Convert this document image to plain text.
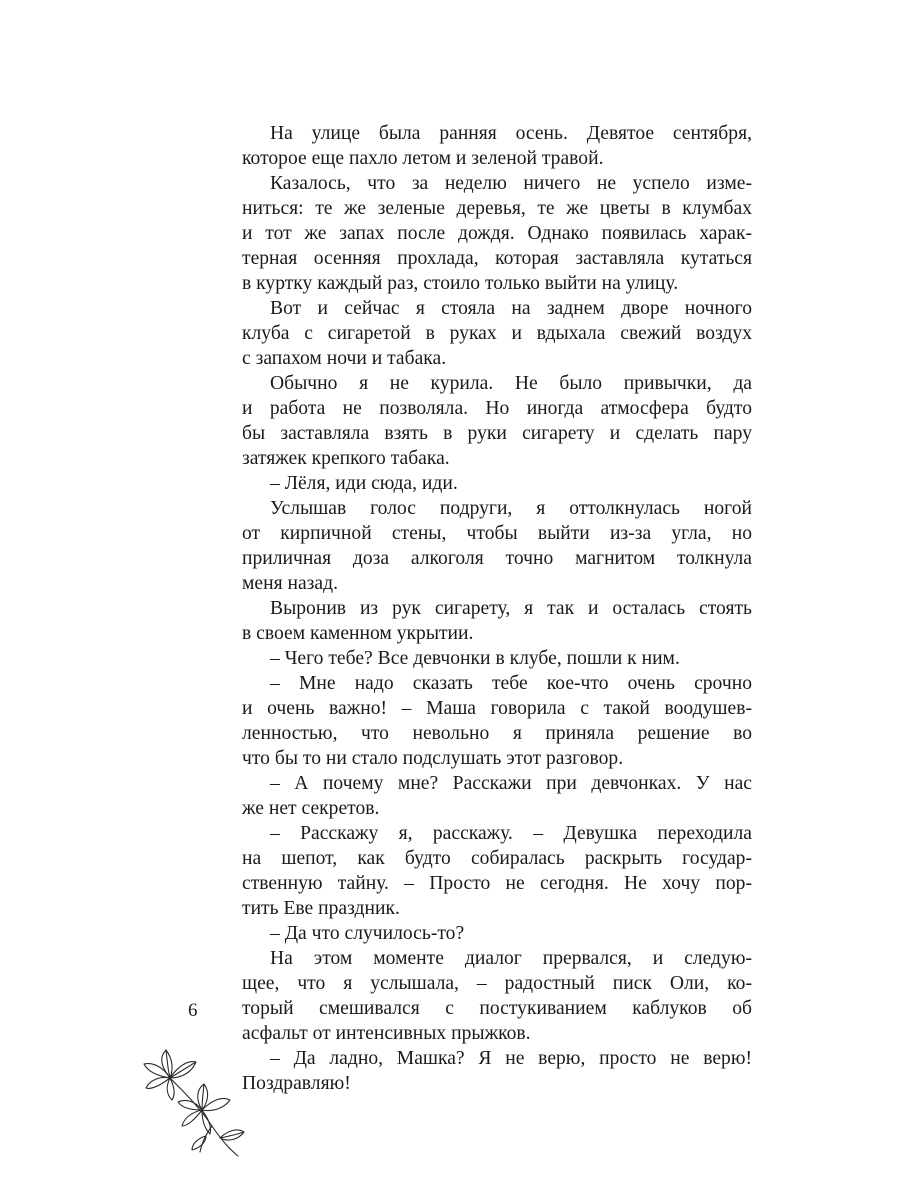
На улице была ранняя осень. Девятое сентября,
которое еще пахло летом и зеленой травой.
Казалось, что за неделю ничего не успело изме-
ниться: те же зеленые деревья, те же цветы в клумбах
и тот же запах после дождя. Однако появилась харак-
терная осенняя прохлада, которая заставляла кутаться
в куртку каждый раз, стоило только выйти на улицу.
Вот и сейчас я стояла на заднем дворе ночного
клуба с сигаретой в руках и вдыхала свежий воздух
с запахом ночи и табака.
Обычно я не курила. Не было привычки, да
и работа не позволяла. Но иногда атмосфера будто
бы заставляла взять в руки сигарету и сделать пару
затяжек крепкого табака.
– Лёля, иди сюда, иди.
Услышав голос подруги, я оттолкнулась ногой
от кирпичной стены, чтобы выйти из-за угла, но
приличная доза алкоголя точно магнитом толкнула
меня назад.
Выронив из рук сигарету, я так и осталась стоять
в своем каменном укрытии.
– Чего тебе? Все девчонки в клубе, пошли к ним.
– Мне надо сказать тебе кое-что очень срочно
и очень важно! – Маша говорила с такой воодушев-
ленностью, что невольно я приняла решение во
что бы то ни стало подслушать этот разговор.
– А почему мне? Расскажи при девчонках. У нас
же нет секретов.
– Расскажу я, расскажу. – Девушка переходила
на шепот, как будто собиралась раскрыть государ-
ственную тайну. – Просто не сегодня. Не хочу пор-
тить Еве праздник.
– Да что случилось-то?
На этом моменте диалог прервался, и следую-
щее, что я услышала, – радостный писк Оли, ко-
торый смешивался с постукиванием каблуков об
асфальт от интенсивных прыжков.
– Да ладно, Машка? Я не верю, просто не верю!
Поздравляю!
6
